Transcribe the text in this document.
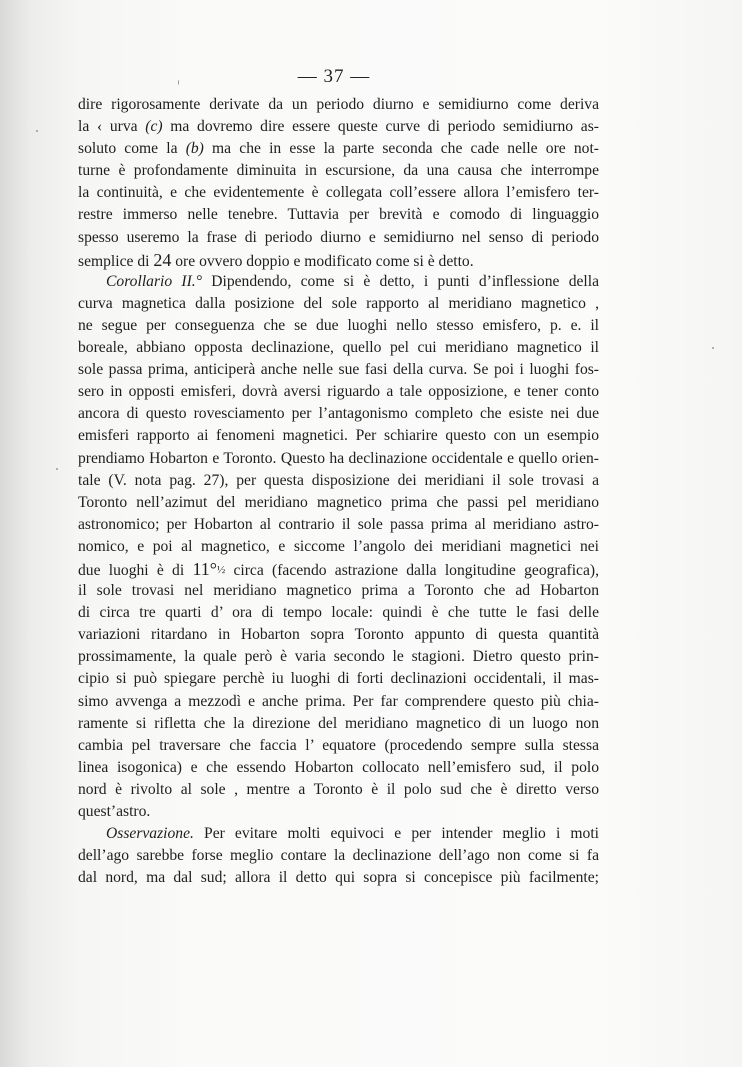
— 37 —
dire rigorosamente derivate da un periodo diurno e semidiurno come deriva
la ‹ urva (c) ma dovremo dire essere queste curve di periodo semidiurno as-
soluto come la (b) ma che in esse la parte seconda che cade nelle ore not-
turne è profondamente diminuita in escursione, da una causa che interrompe
la continuità, e che evidentemente è collegata coll’essere allora l’emisfero ter-
restre immerso nelle tenebre. Tuttavia per brevità e comodo di linguaggio
spesso useremo la frase di periodo diurno e semidiurno nel senso di periodo
semplice di 24 ore ovvero doppio e modificato come si è detto.
Corollario II.° Dipendendo, come si è detto, i punti d’inflessione della
curva magnetica dalla posizione del sole rapporto al meridiano magnetico ,
ne segue per conseguenza che se due luoghi nello stesso emisfero, p. e. il
boreale, abbiano opposta declinazione, quello pel cui meridiano magnetico il
sole passa prima, anticiperà anche nelle sue fasi della curva. Se poi i luoghi fos-
sero in opposti emisferi, dovrà aversi riguardo a tale opposizione, e tener conto
ancora di questo rovesciamento per l’antagonismo completo che esiste nei due
emisferi rapporto ai fenomeni magnetici. Per schiarire questo con un esempio
prendiamo Hobarton e Toronto. Questo ha declinazione occidentale e quello orien-
tale (V. nota pag. 27), per questa disposizione dei meridiani il sole trovasi a
Toronto nell’azimut del meridiano magnetico prima che passi pel meridiano
astronomico; per Hobarton al contrario il sole passa prima al meridiano astro-
nomico, e poi al magnetico, e siccome l’angolo dei meridiani magnetici nei
due luoghi è di 11°½ circa (facendo astrazione dalla longitudine geografica),
il sole trovasi nel meridiano magnetico prima a Toronto che ad Hobarton
di circa tre quarti d’ ora di tempo locale: quindi è che tutte le fasi delle
variazioni ritardano in Hobarton sopra Toronto appunto di questa quantità
prossimamente, la quale però è varia secondo le stagioni. Dietro questo prin-
cipio si può spiegare perchè iu luoghi di forti declinazioni occidentali, il mas-
simo avvenga a mezzodì e anche prima. Per far comprendere questo più chia-
ramente si rifletta che la direzione del meridiano magnetico di un luogo non
cambia pel traversare che faccia l’ equatore (procedendo sempre sulla stessa
linea isogonica) e che essendo Hobarton collocato nell’emisfero sud, il polo
nord è rivolto al sole , mentre a Toronto è il polo sud che è diretto verso
quest’astro.
Osservazione. Per evitare molti equivoci e per intender meglio i moti
dell’ago sarebbe forse meglio contare la declinazione dell’ago non come si fa
dal nord, ma dal sud; allora il detto qui sopra si concepisce più facilmente;
